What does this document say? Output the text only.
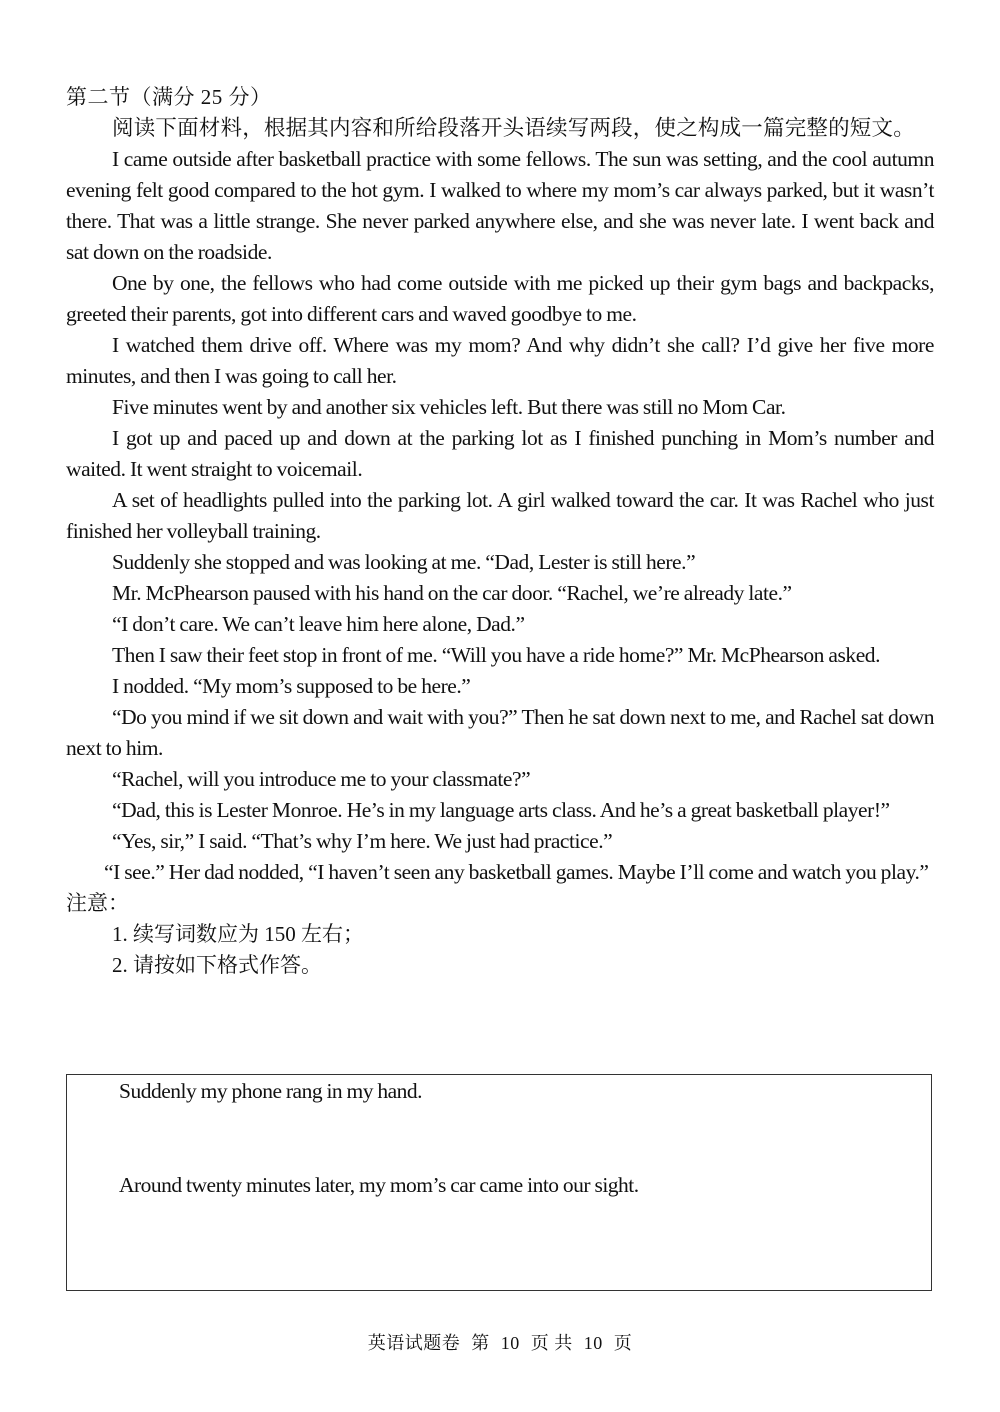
第二节（满分 25 分）

阅读下面材料，根据其内容和所给段落开头语续写两段，使之构成一篇完整的短文。

I came outside after basketball practice with some fellows. The sun was setting, and the cool autumn evening felt good compared to the hot gym. I walked to where my mom’s car always parked, but it wasn’t there. That was a little strange. She never parked anywhere else, and she was never late. I went back and sat down on the roadside.

One by one, the fellows who had come outside with me picked up their gym bags and backpacks, greeted their parents, got into different cars and waved goodbye to me.

I watched them drive off. Where was my mom? And why didn’t she call? I’d give her five more minutes, and then I was going to call her.

Five minutes went by and another six vehicles left. But there was still no Mom Car.

I got up and paced up and down at the parking lot as I finished punching in Mom’s number and waited. It went straight to voicemail.

A set of headlights pulled into the parking lot. A girl walked toward the car. It was Rachel who just finished her volleyball training.

Suddenly she stopped and was looking at me. “Dad, Lester is still here.”

Mr. McPhearson paused with his hand on the car door. “Rachel, we’re already late.”

“I don’t care. We can’t leave him here alone, Dad.”

Then I saw their feet stop in front of me. “Will you have a ride home?” Mr. McPhearson asked.

I nodded. “My mom’s supposed to be here.”

“Do you mind if we sit down and wait with you?” Then he sat down next to me, and Rachel sat down next to him.

“Rachel, will you introduce me to your classmate?”

“Dad, this is Lester Monroe. He’s in my language arts class. And he’s a great basketball player!”

“Yes, sir,” I said. “That’s why I’m here. We just had practice.”

“I see.” Her dad nodded, “I haven’t seen any basketball games. Maybe I’ll come and watch you play.”

注意：

1. 续写词数应为 150 左右；

2. 请按如下格式作答。

Suddenly my phone rang in my hand.

Around twenty minutes later, my mom’s car came into our sight.

英语试题卷 第 10 页 共 10 页
